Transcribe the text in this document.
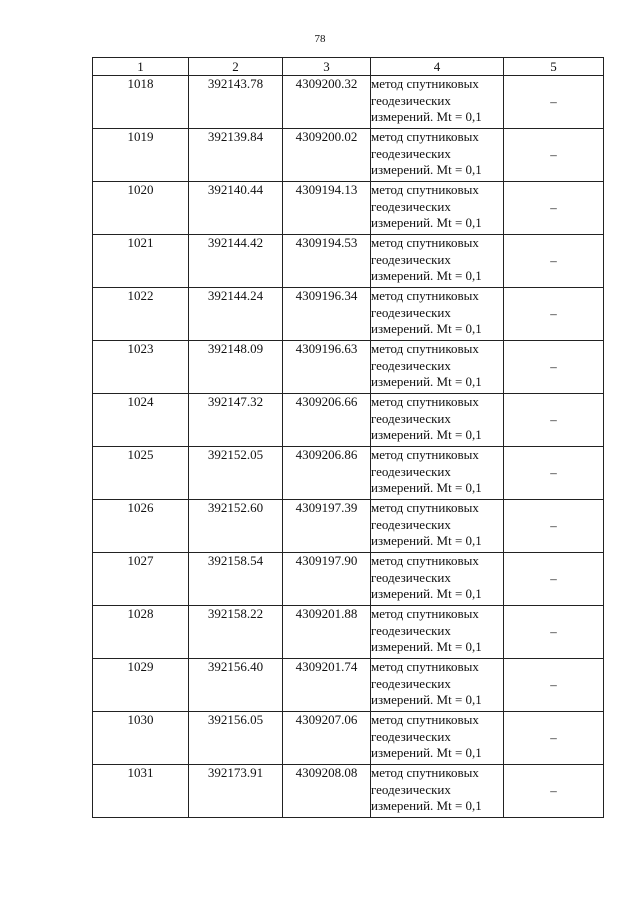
78
1	2	3	4	5
1018	392143.78	4309200.32	метод спутниковых
геодезических
измерений. Mt = 0,1	–
1019	392139.84	4309200.02	метод спутниковых
геодезических
измерений. Mt = 0,1	–
1020	392140.44	4309194.13	метод спутниковых
геодезических
измерений. Mt = 0,1	–
1021	392144.42	4309194.53	метод спутниковых
геодезических
измерений. Mt = 0,1	–
1022	392144.24	4309196.34	метод спутниковых
геодезических
измерений. Mt = 0,1	–
1023	392148.09	4309196.63	метод спутниковых
геодезических
измерений. Mt = 0,1	–
1024	392147.32	4309206.66	метод спутниковых
геодезических
измерений. Mt = 0,1	–
1025	392152.05	4309206.86	метод спутниковых
геодезических
измерений. Mt = 0,1	–
1026	392152.60	4309197.39	метод спутниковых
геодезических
измерений. Mt = 0,1	–
1027	392158.54	4309197.90	метод спутниковых
геодезических
измерений. Mt = 0,1	–
1028	392158.22	4309201.88	метод спутниковых
геодезических
измерений. Mt = 0,1	–
1029	392156.40	4309201.74	метод спутниковых
геодезических
измерений. Mt = 0,1	–
1030	392156.05	4309207.06	метод спутниковых
геодезических
измерений. Mt = 0,1	–
1031	392173.91	4309208.08	метод спутниковых
геодезических
измерений. Mt = 0,1	–
